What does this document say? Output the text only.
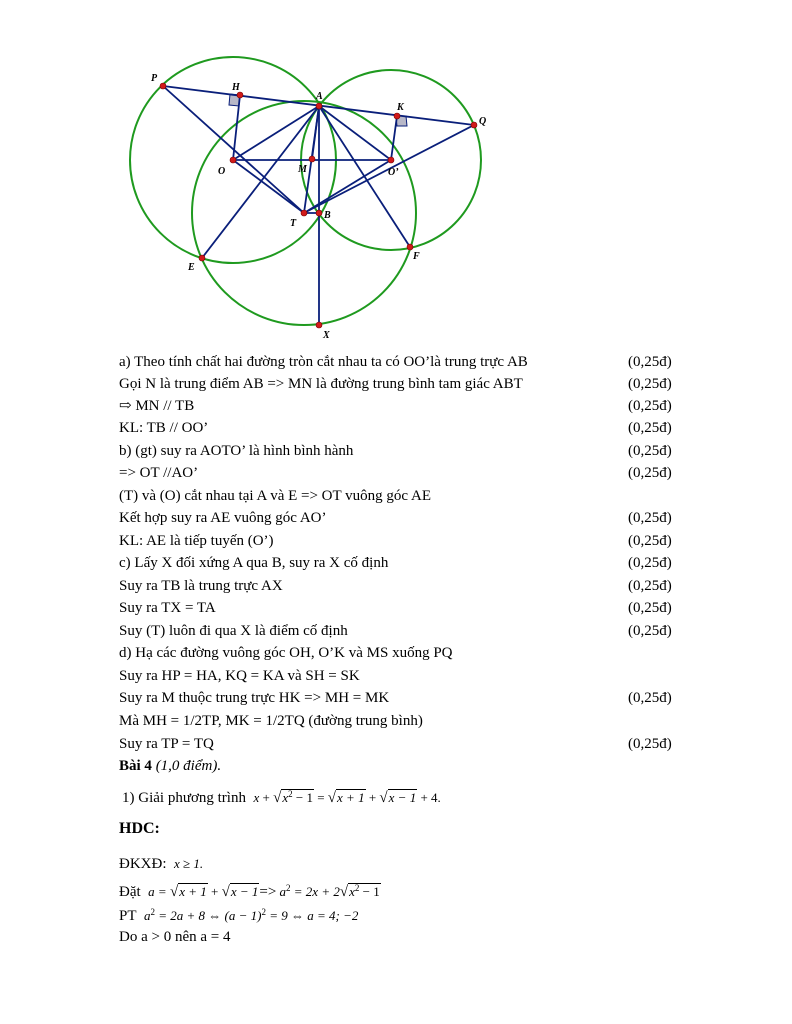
P
H
A
K
Q
O	M	O’
T
B
E
F
X
a) Theo tính chất hai đường tròn cắt nhau ta có OO’là trung trực AB	(0,25đ)
Gọi N là trung điểm AB => MN là đường trung bình tam giác ABT	(0,25đ)
⇨ MN // TB	(0,25đ)
KL: TB // OO’	(0,25đ)
b) (gt) suy ra AOTO’ là hình bình hành	(0,25đ)
=> OT //AO’	(0,25đ)
(T) và (O) cắt nhau tại A và E => OT vuông góc AE
Kết hợp suy ra AE vuông góc AO’	(0,25đ)
KL: AE là tiếp tuyến (O’)	(0,25đ)
c) Lấy X đối xứng A qua B, suy ra X cố định	(0,25đ)
Suy ra TB là trung trực AX	(0,25đ)
Suy ra TX = TA	(0,25đ)
Suy (T) luôn đi qua X là điểm cố định	(0,25đ)
d) Hạ các đường vuông góc OH, O’K và MS xuống PQ
Suy ra HP = HA, KQ = KA và SH = SK
Suy ra M thuộc trung trực HK => MH = MK	(0,25đ)
Mà MH = 1/2TP, MK = 1/2TQ (đường trung bình)
Suy ra TP = TQ	(0,25đ)
Bài 4 (1,0 điểm).
1) Giải phương trình $x + √x^2 - 1 = √x + 1 + √x - 1 + 4$.
HDC:
ĐKXĐ: x ≥ 1.
Đặt $a = √x + 1 + √x - 1=> a^2 = 2x + 2√x^2 - 1$
PT $a^2 = 2a + 8$ ⇔ $(a - 1)^2 = 9$ ⇔ a = 4; −2
Do a > 0 nên a = 4
